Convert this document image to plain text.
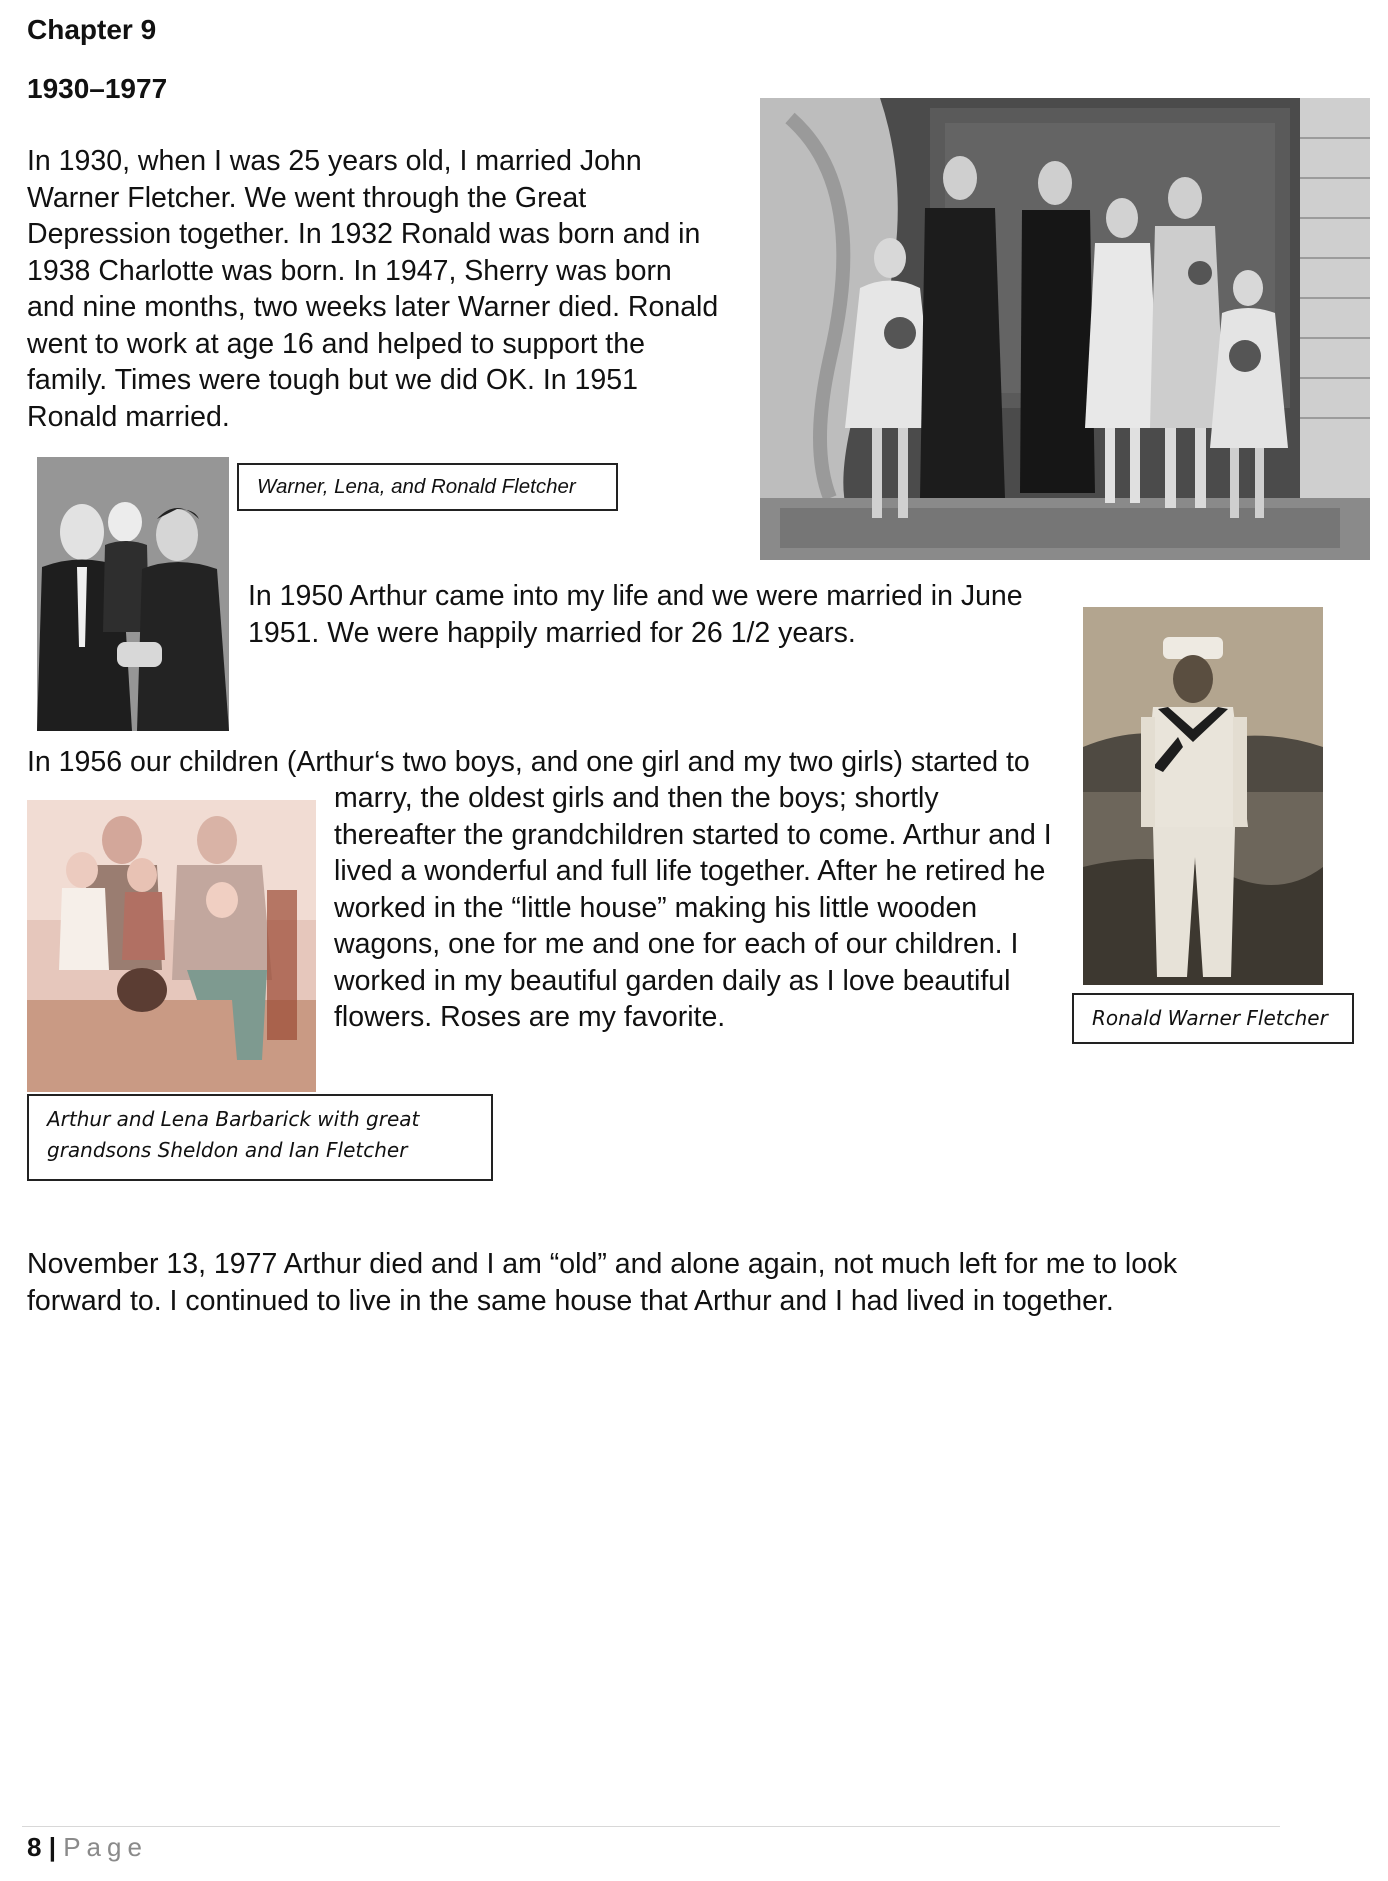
Chapter 9
1930–1977

In 1930, when I was 25 years old, I married John Warner Fletcher. We went through the Great Depression together. In 1932 Ronald was born and in 1938 Charlotte was born. In 1947, Sherry was born and nine months, two weeks later Warner died. Ronald went to work at age 16 and helped to support the family. Times were tough but we did OK. In 1951 Ronald married.

Warner, Lena, and Ronald Fletcher

In 1950 Arthur came into my life and we were married in June 1951. We were happily married for 26 1/2 years.

Ronald Warner Fletcher

In 1956 our children (Arthur‘s two boys, and one girl and my two girls) started to

marry, the oldest girls and then the boys; shortly thereafter the grandchildren started to come. Arthur and I lived a wonderful and full life together. After he retired he worked in the “little house” making his little wooden wagons, one for me and one for each of our children. I worked in my beautiful garden daily as I love beautiful flowers. Roses are my favorite.

Arthur and Lena Barbarick with great grandsons Sheldon and Ian Fletcher

November 13, 1977 Arthur died and I am “old” and alone again, not much left for me to look forward to. I continued to live in the same house that Arthur and I had lived in together.

8 | Page
